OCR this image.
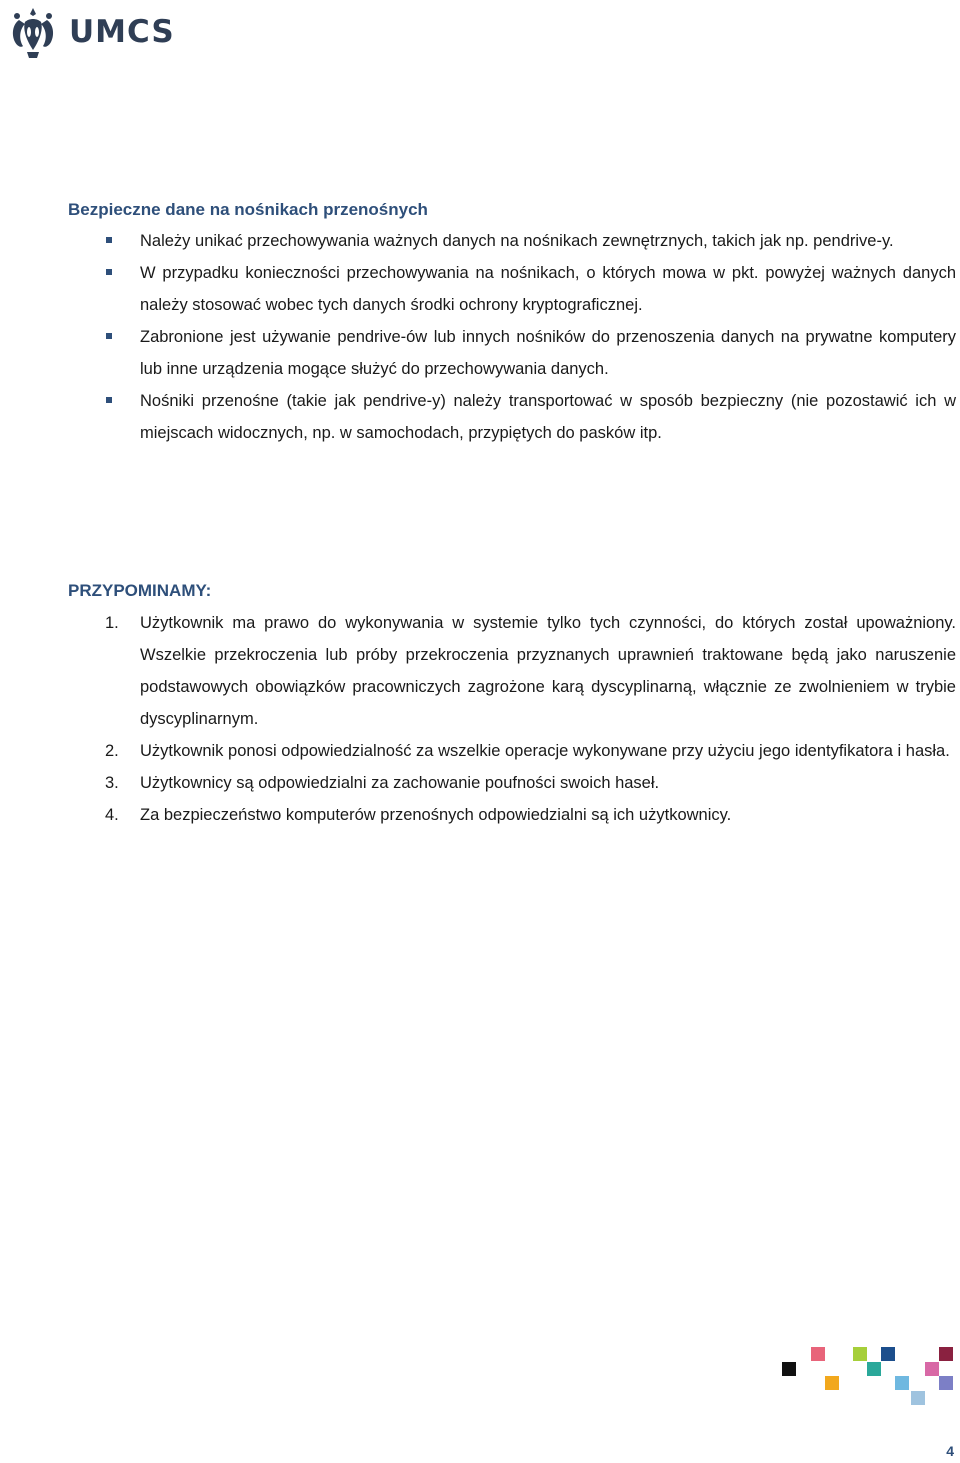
UMCS
Bezpieczne dane na nośnikach przenośnych
Należy unikać przechowywania ważnych danych na nośnikach zewnętrznych, takich jak np. pendrive-y.
W przypadku konieczności przechowywania na nośnikach, o których mowa w pkt. powyżej ważnych danych należy stosować wobec tych danych środki ochrony kryptograficznej.
Zabronione jest używanie pendrive-ów lub innych nośników do przenoszenia danych na prywatne komputery lub inne urządzenia mogące służyć do przechowywania danych.
Nośniki przenośne (takie jak pendrive-y) należy transportować w sposób bezpieczny (nie pozostawić ich w miejscach widocznych, np. w samochodach, przypiętych do pasków itp.
PRZYPOMINAMY:
1. Użytkownik ma prawo do wykonywania w systemie tylko tych czynności, do których został upoważniony. Wszelkie przekroczenia lub próby przekroczenia przyznanych uprawnień traktowane będą jako naruszenie podstawowych obowiązków pracowniczych zagrożone karą dyscyplinarną, włącznie ze zwolnieniem w trybie dyscyplinarnym.
2. Użytkownik ponosi odpowiedzialność za wszelkie operacje wykonywane przy użyciu jego identyfikatora i hasła.
3. Użytkownicy są odpowiedzialni za zachowanie poufności swoich haseł.
4. Za bezpieczeństwo komputerów przenośnych odpowiedzialni są ich użytkownicy.
4
